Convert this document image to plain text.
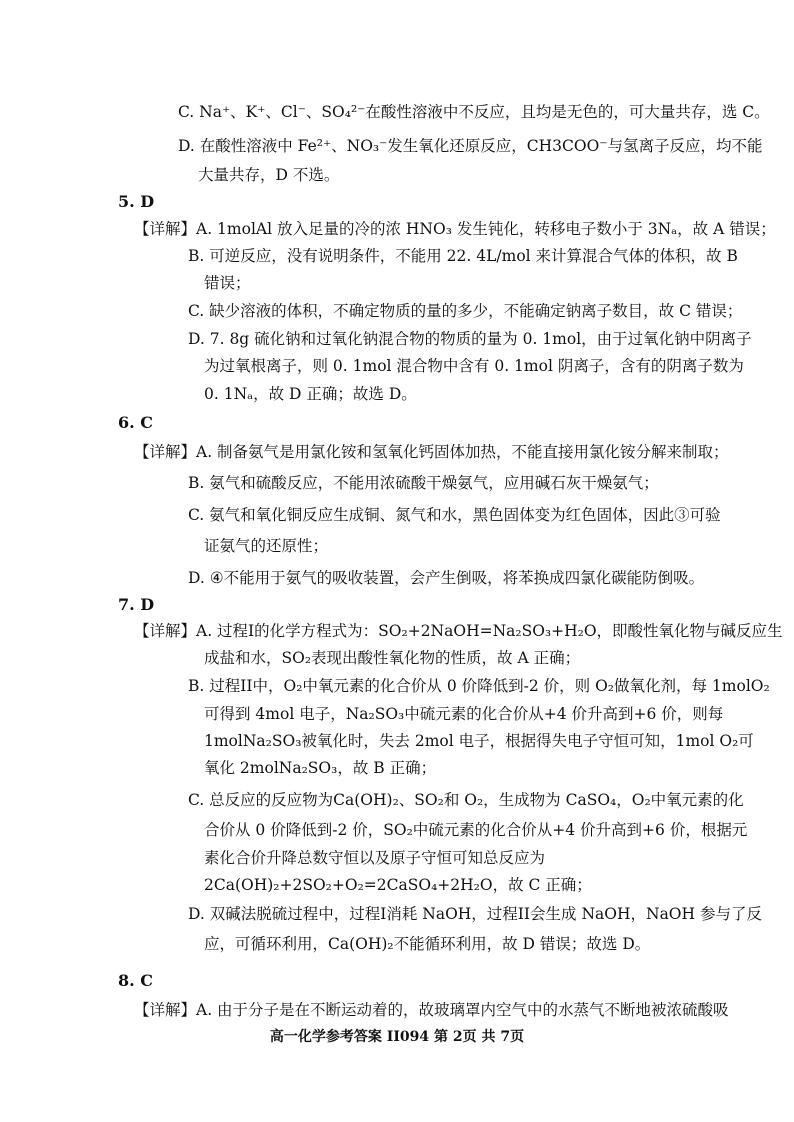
C. Na⁺、K⁺、Cl⁻、SO₄²⁻在酸性溶液中不反应，且均是无色的，可大量共存，选 C。
D. 在酸性溶液中 Fe²⁺、NO₃⁻发生氧化还原反应，CH3COO⁻与氢离子反应，均不能
大量共存，D 不选。
5. D
【详解】A. 1molAl 放入足量的冷的浓 HNO₃ 发生钝化，转移电子数小于 3Nₐ，故 A 错误；
B. 可逆反应，没有说明条件，不能用 22. 4L/mol 来计算混合气体的体积，故 B
错误；
C. 缺少溶液的体积，不确定物质的量的多少，不能确定钠离子数目，故 C 错误；
D. 7. 8g 硫化钠和过氧化钠混合物的物质的量为 0. 1mol，由于过氧化钠中阴离子
为过氧根离子，则 0. 1mol 混合物中含有 0. 1mol 阴离子，含有的阴离子数为
0. 1Nₐ，故 D 正确；故选 D。
6. C
【详解】A. 制备氨气是用氯化铵和氢氧化钙固体加热，不能直接用氯化铵分解来制取；
B. 氨气和硫酸反应，不能用浓硫酸干燥氨气，应用碱石灰干燥氨气；
C. 氨气和氧化铜反应生成铜、氮气和水，黑色固体变为红色固体，因此③可验
证氨气的还原性；
D. ④不能用于氨气的吸收装置，会产生倒吸，将苯换成四氯化碳能防倒吸。
7. D
【详解】A. 过程I的化学方程式为：SO₂+2NaOH=Na₂SO₃+H₂O，即酸性氧化物与碱反应生
成盐和水，SO₂表现出酸性氧化物的性质，故 A 正确；
B. 过程II中，O₂中氧元素的化合价从 0 价降低到-2 价，则 O₂做氧化剂，每 1molO₂
可得到 4mol 电子，Na₂SO₃中硫元素的化合价从+4 价升高到+6 价，则每
1molNa₂SO₃被氧化时，失去 2mol 电子，根据得失电子守恒可知，1mol O₂可
氧化 2molNa₂SO₃，故 B 正确；
C. 总反应的反应物为Ca(OH)₂、SO₂和 O₂，生成物为 CaSO₄，O₂中氧元素的化
合价从 0 价降低到-2 价，SO₂中硫元素的化合价从+4 价升高到+6 价，根据元
素化合价升降总数守恒以及原子守恒可知总反应为
2Ca(OH)₂+2SO₂+O₂=2CaSO₄+2H₂O，故 C 正确；
D. 双碱法脱硫过程中，过程I消耗 NaOH，过程II会生成 NaOH，NaOH 参与了反
应，可循环利用，Ca(OH)₂不能循环利用，故 D 错误；故选 D。
8. C
【详解】A. 由于分子是在不断运动着的，故玻璃罩内空气中的水蒸气不断地被浓硫酸吸
高一化学参考答案 II094 第 2页 共 7页
